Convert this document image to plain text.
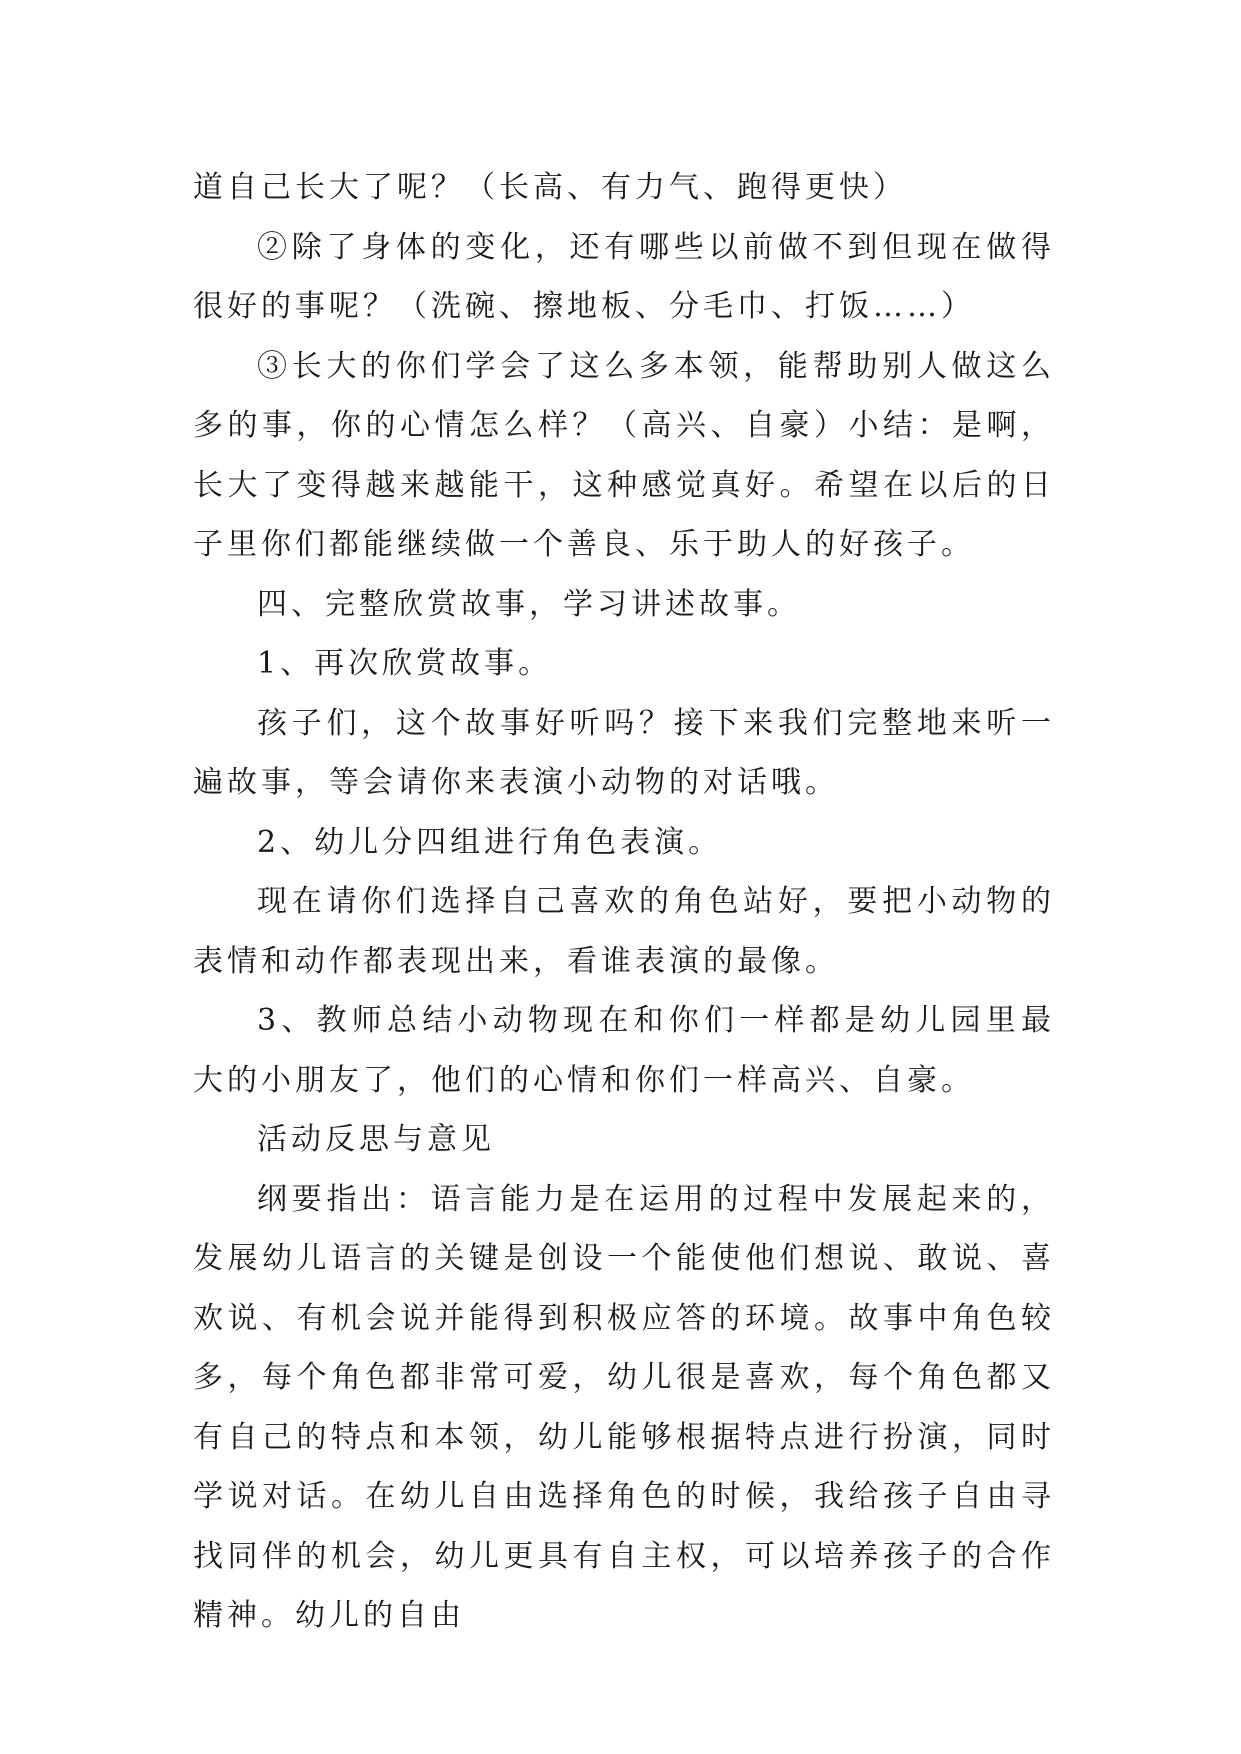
道自己长大了呢？（长高、有力气、跑得更快）

②除了身体的变化，还有哪些以前做不到但现在做得很好的事呢？（洗碗、擦地板、分毛巾、打饭……）

③长大的你们学会了这么多本领，能帮助别人做这么多的事，你的心情怎么样？（高兴、自豪）小结：是啊，长大了变得越来越能干，这种感觉真好。希望在以后的日子里你们都能继续做一个善良、乐于助人的好孩子。

四、完整欣赏故事，学习讲述故事。

1、再次欣赏故事。

孩子们，这个故事好听吗？接下来我们完整地来听一遍故事，等会请你来表演小动物的对话哦。

2、幼儿分四组进行角色表演。

现在请你们选择自己喜欢的角色站好，要把小动物的表情和动作都表现出来，看谁表演的最像。

3、教师总结小动物现在和你们一样都是幼儿园里最大的小朋友了，他们的心情和你们一样高兴、自豪。

活动反思与意见

纲要指出：语言能力是在运用的过程中发展起来的，发展幼儿语言的关键是创设一个能使他们想说、敢说、喜欢说、有机会说并能得到积极应答的环境。故事中角色较多，每个角色都非常可爱，幼儿很是喜欢，每个角色都又有自己的特点和本领，幼儿能够根据特点进行扮演，同时学说对话。在幼儿自由选择角色的时候，我给孩子自由寻找同伴的机会，幼儿更具有自主权，可以培养孩子的合作精神。幼儿的自由
